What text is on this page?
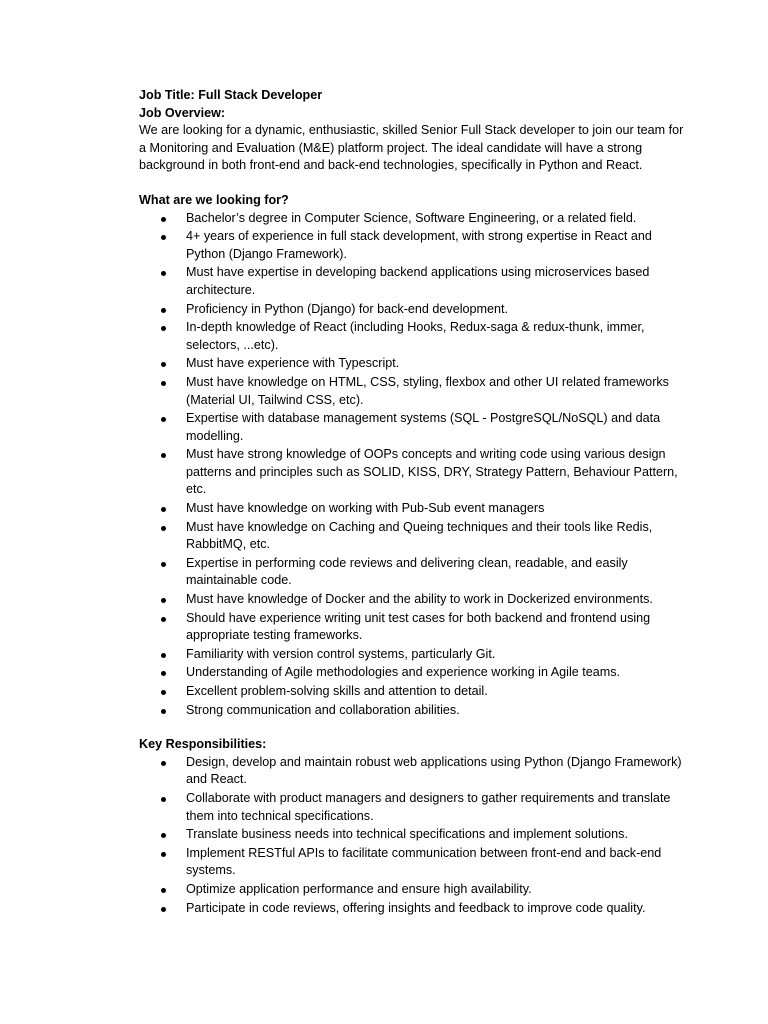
Job Title: Full Stack Developer

Job Overview:

We are looking for a dynamic, enthusiastic, skilled Senior Full Stack developer to join our team for a Monitoring and Evaluation (M&E) platform project. The ideal candidate will have a strong background in both front-end and back-end technologies, specifically in Python and React.

What are we looking for?

Bachelor’s degree in Computer Science, Software Engineering, or a related field.
4+ years of experience in full stack development, with strong expertise in React and Python (Django Framework).
Must have expertise in developing backend applications using microservices based architecture.
Proficiency in Python (Django) for back-end development.
In-depth knowledge of React (including Hooks, Redux-saga & redux-thunk, immer, selectors, ...etc).
Must have experience with Typescript.
Must have knowledge on HTML, CSS, styling, flexbox and other UI related frameworks (Material UI, Tailwind CSS, etc).
Expertise with database management systems (SQL - PostgreSQL/NoSQL) and data modelling.
Must have strong knowledge of OOPs concepts and writing code using various design patterns and principles such as SOLID, KISS, DRY, Strategy Pattern, Behaviour Pattern, etc.
Must have knowledge on working with Pub-Sub event managers
Must have knowledge on Caching and Queing techniques and their tools like Redis, RabbitMQ, etc.
Expertise in performing code reviews and delivering clean, readable, and easily maintainable code.
Must have knowledge of Docker and the ability to work in Dockerized environments.
Should have experience writing unit test cases for both backend and frontend using appropriate testing frameworks.
Familiarity with version control systems, particularly Git.
Understanding of Agile methodologies and experience working in Agile teams.
Excellent problem-solving skills and attention to detail.
Strong communication and collaboration abilities.

Key Responsibilities:

Design, develop and maintain robust web applications using Python (Django Framework) and React.
Collaborate with product managers and designers to gather requirements and translate them into technical specifications.
Translate business needs into technical specifications and implement solutions.
Implement RESTful APIs to facilitate communication between front-end and back-end systems.
Optimize application performance and ensure high availability.
Participate in code reviews, offering insights and feedback to improve code quality.
